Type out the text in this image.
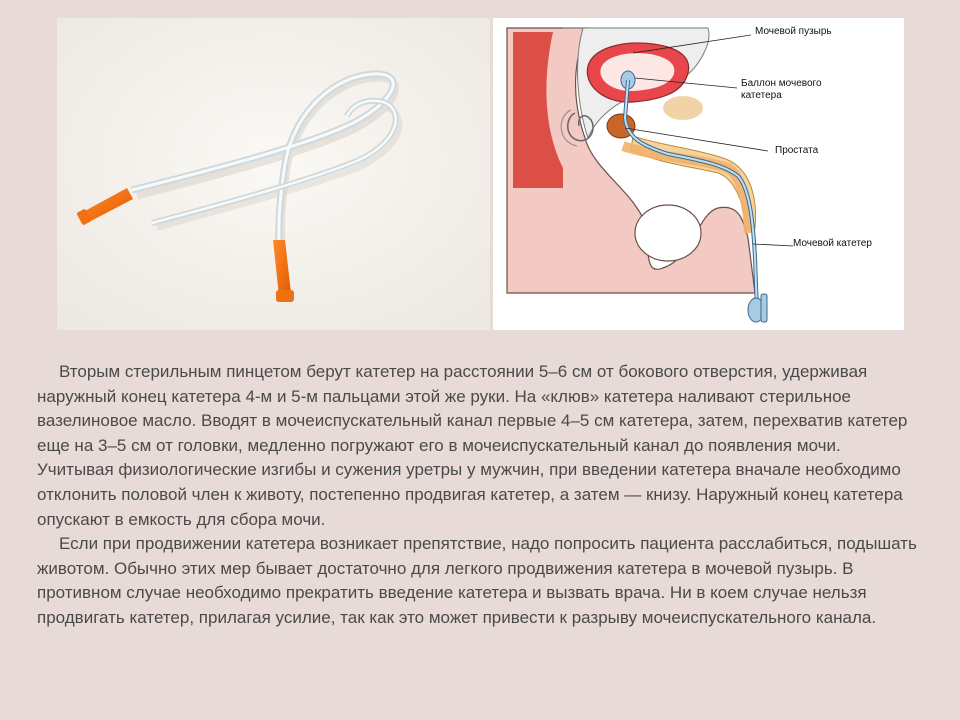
Мочевой пузырь
Баллон мочевого
катетера
Простата
Мочевой катетер

Вторым стерильным пинцетом берут катетер на расстоянии 5–6 см от бокового отверстия, удерживая наружный конец катетера 4-м и 5-м пальцами этой же руки. На «клюв» катетера наливают стерильное вазелиновое масло. Вводят в мочеиспускательный канал первые 4–5 см катетера, затем, перехватив катетер еще на 3–5 см от головки, медленно погружают его в мочеиспускательный канал до появления мочи. Учитывая физиологические изгибы и сужения уретры у мужчин, при введении катетера вначале необходимо отклонить половой член к животу, постепенно продвигая катетер, а затем — книзу. Наружный конец катетера опускают в емкость для сбора мочи.

Если при продвижении катетера возникает препятствие, надо попросить пациента расслабиться, подышать животом. Обычно этих мер бывает достаточно для легкого продвижения катетера в мочевой пузырь. В противном случае необходимо прекратить введение катетера и вызвать врача. Ни в коем случае нельзя продвигать катетер, прилагая усилие, так как это может привести к разрыву мочеиспускательного канала.
